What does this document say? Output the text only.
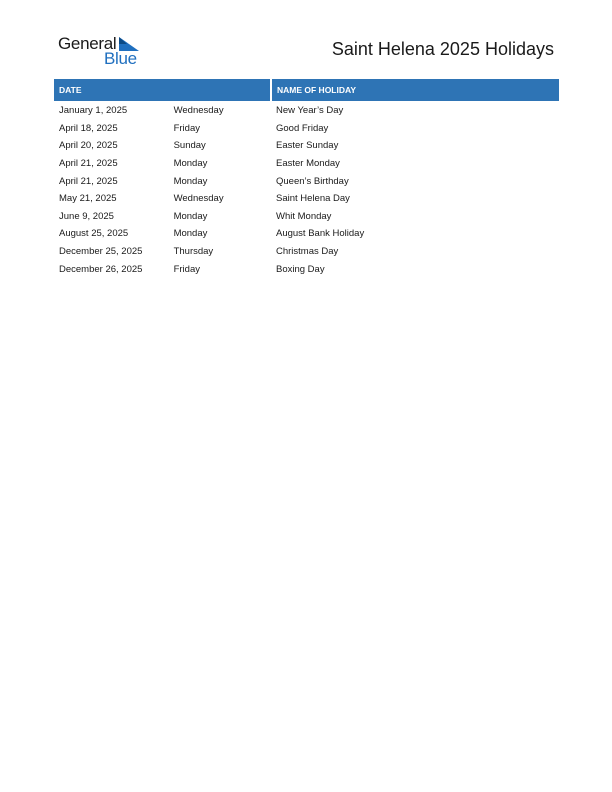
General
Blue	Saint Helena 2025 Holidays
DATE		NAME OF HOLIDAY
January 1, 2025	Wednesday	New Year’s Day
April 18, 2025	Friday	Good Friday
April 20, 2025	Sunday	Easter Sunday
April 21, 2025	Monday	Easter Monday
April 21, 2025	Monday	Queen’s Birthday
May 21, 2025	Wednesday	Saint Helena Day
June 9, 2025	Monday	Whit Monday
August 25, 2025	Monday	August Bank Holiday
December 25, 2025	Thursday	Christmas Day
December 26, 2025	Friday	Boxing Day
